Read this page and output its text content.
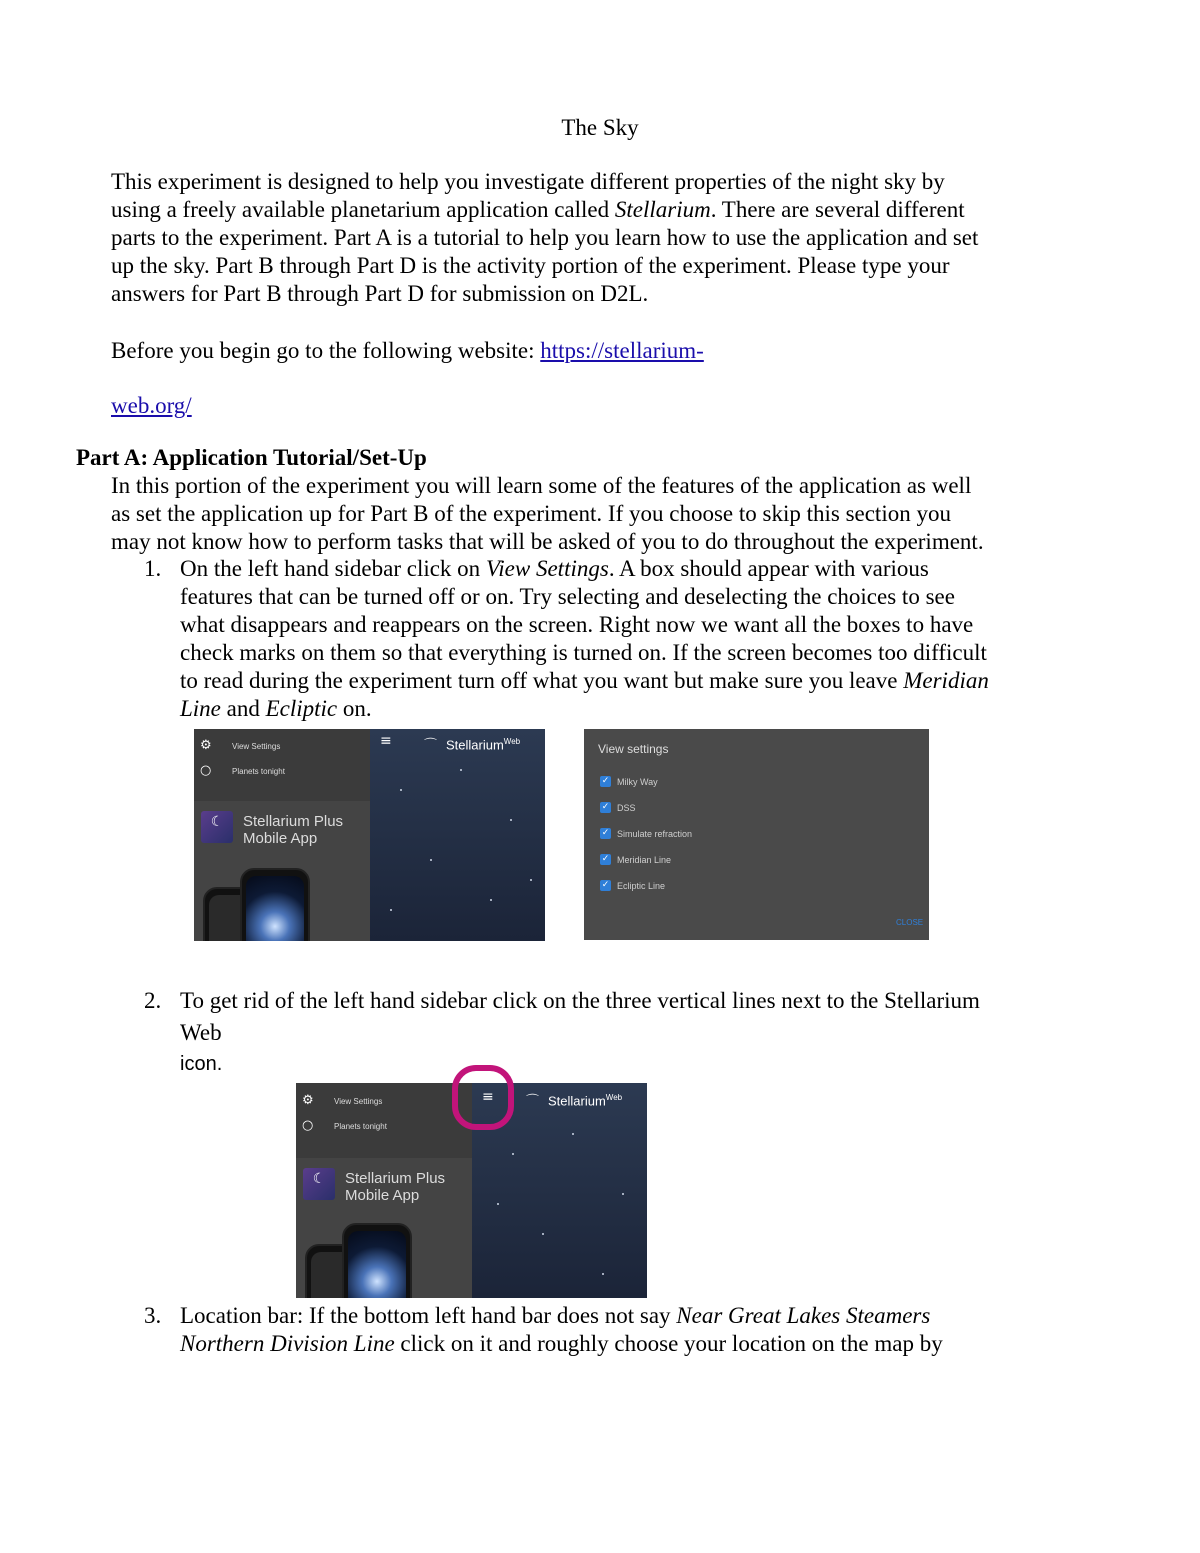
The Sky
This experiment is designed to help you investigate different properties of the night sky by
using a freely available planetarium application called Stellarium. There are several different
parts to the experiment. Part A is a tutorial to help you learn how to use the application and set
up the sky. Part B through Part D is the activity portion of the experiment. Please type your
answers for Part B through Part D for submission on D2L.
Before you begin go to the following website: https://stellarium-
web.org/
Part A: Application Tutorial/Set-Up
In this portion of the experiment you will learn some of the features of the application as well
as set the application up for Part B of the experiment. If you choose to skip this section you
may not know how to perform tasks that will be asked of you to do throughout the experiment.
1. On the left hand sidebar click on View Settings. A box should appear with various
features that can be turned off or on. Try selecting and deselecting the choices to see
what disappears and reappears on the screen. Right now we want all the boxes to have
check marks on them so that everything is turned on. If the screen becomes too difficult
to read during the experiment turn off what you want but make sure you leave Meridian
Line and Ecliptic on.
⚙	View Settings
○	Planets tonight
☾	Stellarium Plus
Mobile App
≡ ⌒ Stellarium$^{Web}$
View settings
✓ Milky Way
✓ DSS
✓ Simulate refraction
✓ Meridian Line
✓ Ecliptic Line
CLOSE
2. To get rid of the left hand sidebar click on the three vertical lines next to the Stellarium
Web
icon.
⚙	View Settings
○	Planets tonight
☾	Stellarium Plus
Mobile App
≡ ⌒ Stellarium$^{Web}$
3. Location bar: If the bottom left hand bar does not say Near Great Lakes Steamers
Northern Division Line click on it and roughly choose your location on the map by
